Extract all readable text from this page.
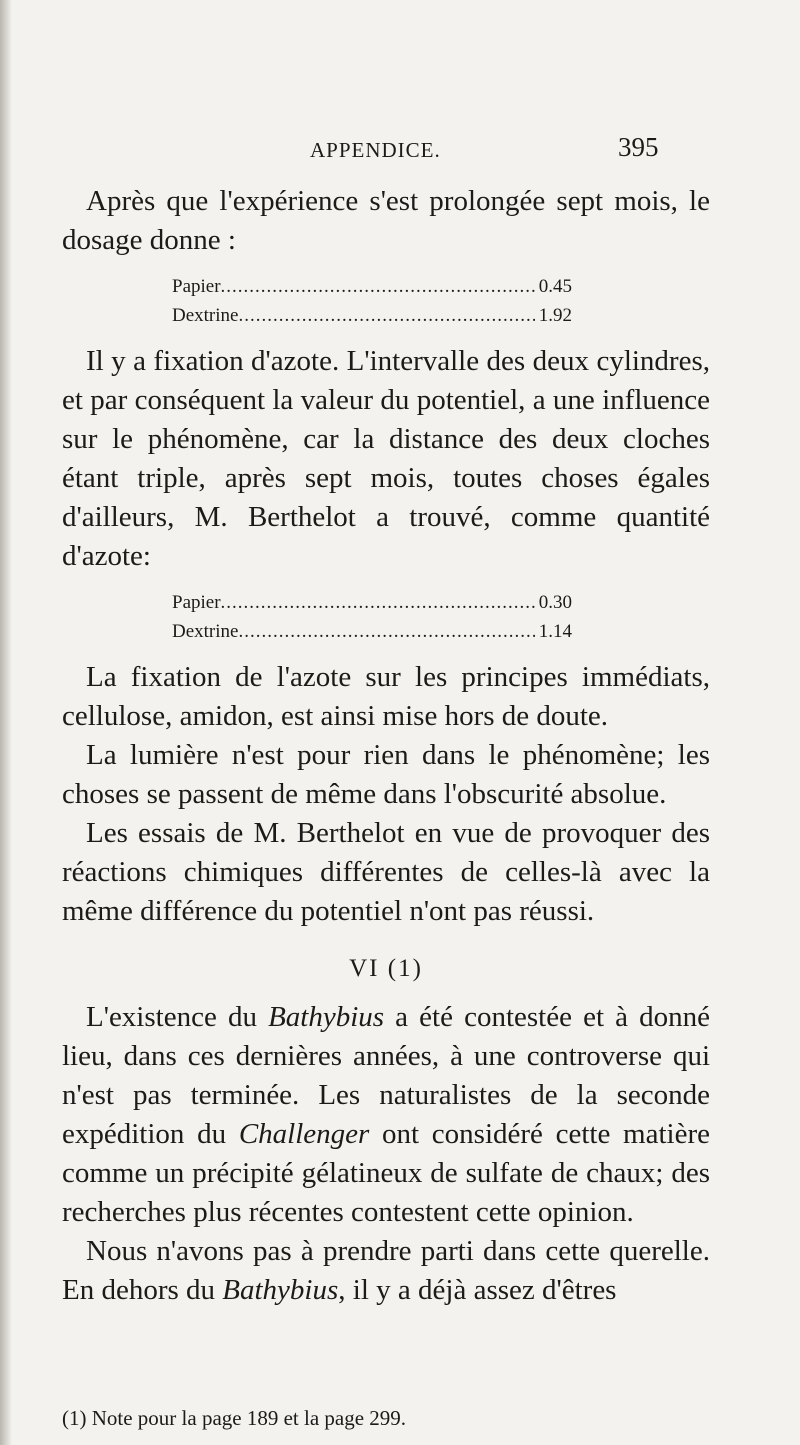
APPENDICE.	395

Après que l'expérience s'est prolongée sept mois, le dosage donne :

Papier .....	0.45
Dextrine .....	1.92

Il y a fixation d'azote. L'intervalle des deux cylindres, et par conséquent la valeur du potentiel, a une influence sur le phénomène, car la distance des deux cloches étant triple, après sept mois, toutes choses égales d'ailleurs, M. Berthelot a trouvé, comme quantité d'azote:

Papier .....	0.30
Dextrine .....	1.14

La fixation de l'azote sur les principes immédiats, cellulose, amidon, est ainsi mise hors de doute.

La lumière n'est pour rien dans le phénomène; les choses se passent de même dans l'obscurité absolue.

Les essais de M. Berthelot en vue de provoquer des réactions chimiques différentes de celles-là avec la même différence du potentiel n'ont pas réussi.

VI (1)

L'existence du Bathybius a été contestée et à donné lieu, dans ces dernières années, à une controverse qui n'est pas terminée. Les naturalistes de la seconde expédition du Challenger ont considéré cette matière comme un précipité gélatineux de sulfate de chaux; des recherches plus récentes contestent cette opinion.

Nous n'avons pas à prendre parti dans cette querelle. En dehors du Bathybius, il y a déjà assez d'êtres

(1) Note pour la page 189 et la page 299.
